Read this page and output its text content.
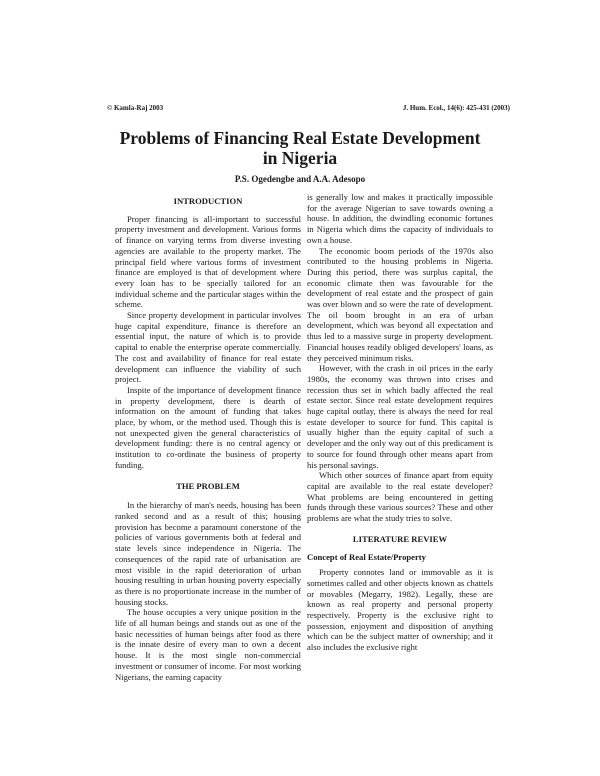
© Kamla-Raj 2003	J. Hum. Ecol., 14(6): 425-431 (2003)
Problems of Financing Real Estate Development
in Nigeria
P.S. Ogedengbe and A.A. Adesopo
INTRODUCTION

Proper financing is all-important to successful property investment and development. Various forms of finance on varying terms from diverse investing agencies are available to the property market. The principal field where various forms of investment finance are employed is that of development where every loan has to be specially tailored for an individual scheme and the particular stages within the scheme.

Since property development in particular involves huge capital expenditure, finance is therefore an essential input, the nature of which is to provide capital to enable the enterprise operate commercially. The cost and availability of finance for real estate development can influence the viability of such project.

Inspite of the importance of development finance in property development, there is dearth of information on the amount of funding that takes place, by whom, or the method used. Though this is not unexpected given the general characteristics of development funding: there is no central agency or institution to co-ordinate the business of property funding.

THE PROBLEM

In the hierarchy of man's needs, housing has been ranked second and as a result of this; housing provision has become a paramount conerstone of the policies of various governments both at federal and state levels since independence in Nigeria. The consequences of the rapid rate of urbanisation are most visible in the rapid deterioration of urban housing resulting in urban housing poverty especially as there is no proportionate increase in the number of housing stocks.

The house occupies a very unique position in the life of all human beings and stands out as one of the basic necessities of human beings after food as there is the innate desire of every man to own a decent house. It is the most single non-commercial investment or consumer of income. For most working Nigerians, the earning capacity

is generally low and makes it practically impossible for the average Nigerian to save towards owning a house. In addition, the dwindling economic fortunes in Nigeria which dims the capacity of individuals to own a house.

The economic boom periods of the 1970s also contributed to the housing problems in Nigeria. During this period, there was surplus capital, the economic climate then was favourable for the development of real estate and the prospect of gain was over blown and so were the rate of development. The oil boom brought in an era of urban development, which was beyond all expectation and thus led to a massive surge in property development. Financial houses readily obliged developers' loans, as they perceived minimum risks.

However, with the crash in oil prices in the early 1980s, the economy was thrown into crises and recession thus set in which badly affected the real estate sector. Since real estate development requires huge capital outlay, there is always the need for real estate developer to source for fund. This capital is usually higher than the equity capital of such a developer and the only way out of this predicament is to source for found through other means apart from his personal savings.

Which other sources of finance apart from equity capital are available to the real estate developer? What problems are being encountered in getting funds through these various sources? These and other problems are what the study tries to solve.

LITERATURE REVIEW
Concept of Real Estate/Property

Property connotes land or immovable as it is sometimes called and other objects known as chattels or movables (Megarry, 1982). Legally, these are known as real property and personal property respectively. Property is the exclusive right to possession, enjoyment and disposition of anything which can be the subject matter of ownership; and it also includes the exclusive right
